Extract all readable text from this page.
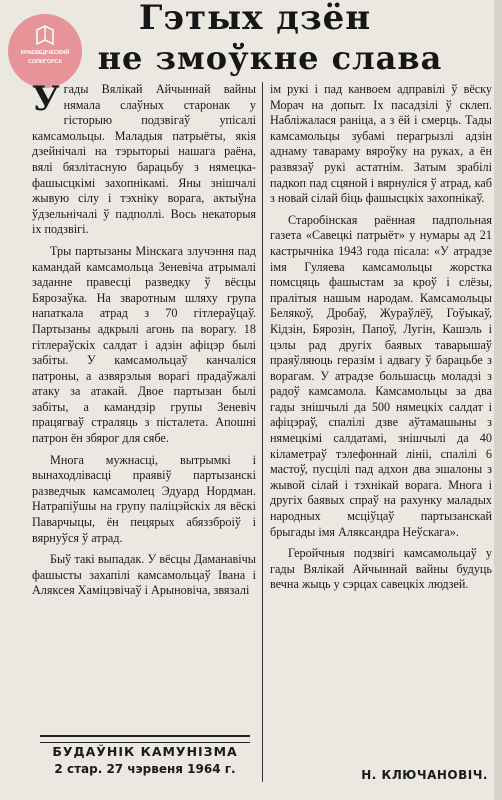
КРАЕВЕДЧЕСКИЙ
СОЛИГОРСК
Гэтых дзён
не змоўкне слава

Угады Вялікай Айчыннай вайны нямала слаўных старонак у гісторыю подзвігаў упісалі камсамольцы. Маладыя патрыёты, якія дзейнічалі на тэрыторыі нашага раёна, вялі бязлітасную барацьбу з нямецка-фашысцкімі захопнікамі. Яны знішчалі жывую сілу і тэхніку ворага, актыўна ўдзельнічалі ў падполлі. Вось некаторыя іх подзвігі.

Тры партызаны Мінскага злучэння пад камандай камсамольца Зеневіча атрымалі заданне правесці разведку ў вёсцы Бярозаўка. На зваротным шляху група напаткала атрад з 70 гітлераўцаў. Партызаны адкрылі агонь па ворагу. 18 гітлераўскіх салдат і адзін афіцэр былі забіты. У камсамольцаў канчаліся патроны, а азвярэлыя ворагі прадаўжалі атаку за атакай. Двое партызан былі забіты, а камандзір групы Зеневіч працягваў страляць з пісталета. Апошні патрон ён збярог для сябе.

Многа мужнасці, вытрымкі і вынаходлівасці праявіў партызанскі разведчык камсамолец Эдуард Нордман. Натрапіўшы на групу паліцэйскіх ля вёскі Паварчыцы, ён пецярых абяззброіў і вярнуўся ў атрад.

Быў такі выпадак. У вёсцы Даманавічы фашысты захапілі камсамольцаў Івана і Аляксея Хаміцэвічаў і Арыновіча, звязалі

ім рукі і пад канвоем адправілі ў вёску Морач на допыт. Іх пасадзілі ў склеп. Набліжалася раніца, а з ёй і смерць. Тады камсамольцы зубамі перагрызлі адзін аднаму тавараму вяроўку на руках, а ён развязаў рукі астатнім. Затым зрабілі падкоп пад сцяной і вярнуліся ў атрад, каб з новай сілай біць фашысцкіх захопнікаў.

Старобінская раённая падпольная газета «Савецкі патрыёт» у нумары ад 21 кастрычніка 1943 года пісала: «У атрадзе імя Гуляева камсамольцы жорстка помсцяць фашыстам за кроў і слёзы, пралітыя нашым народам. Камсамольцы Белякоў, Дробаў, Жураўлёў, Гоўыкаў, Кідзін, Бярозін, Папоў, Лугін, Кашэль і цэлы рад другіх баявых таварышаў праяўляюць геразім і адвагу ў барацьбе з ворагам. У атрадзе большасць моладзі з радоў камсамола. Камсамольцы за два гады знішчылі да 500 нямецкіх салдат і афіцэраў, спалілі дзве аўтамашыны з нямецкімі салдатамі, знішчылі да 40 кіламетраў тэлефоннай лініі, спалілі 6 мастоў, пусцілі пад адхон два эшалоны з жывой сілай і тэхнікай ворага. Многа і другіх баявых спраў на рахунку маладых народных мсціўцаў партызанскай брыгады імя Аляксандра Неўскага».

Геройчныя подзвігі камсамольцаў у гады Вялікай Айчыннай вайны будуць вечна жыць у сэрцах савецкіх людзей.

БУДАЎНІК КАМУНІЗМА
2 стар. 27 чэрвеня 1964 г.	Н. КЛЮЧАНОВІЧ.
